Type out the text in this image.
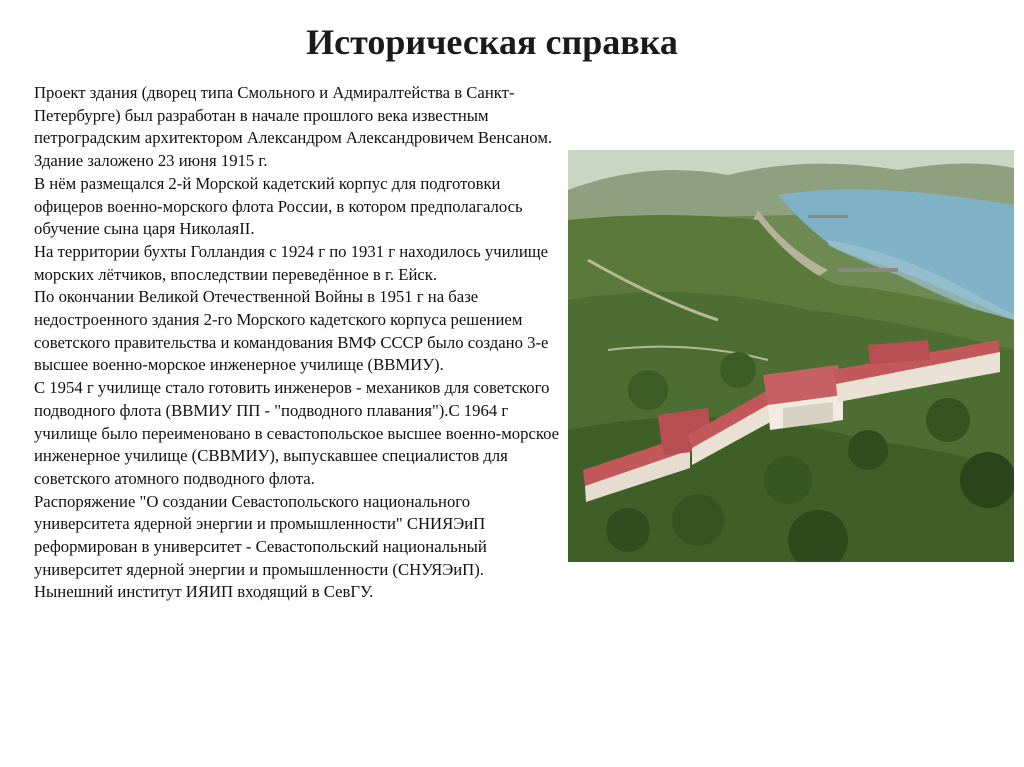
Историческая справка

Проект здания (дворец типа Смольного и Адмиралтейства в Санкт-Петербурге) был разработан в начале прошлого века известным петроградским архитектором Александром Александровичем Венсаном. Здание заложено 23 июня 1915 г.

В нём размещался 2-й Морской кадетский корпус для подготовки офицеров военно-морского флота России, в котором предполагалось обучение сына царя НиколаяII.

На территории бухты Голландия с 1924 г по 1931 г находилось училище морских лётчиков, впоследствии переведённое в г. Ейск.

По окончании Великой Отечественной Войны в 1951 г на базе недостроенного здания 2-го Морского кадетского корпуса решением советского правительства и командования ВМФ СССР было создано 3-е высшее военно-морское инженерное училище (ВВМИУ).

С 1954 г училище стало готовить инженеров - механиков для советского подводного флота (ВВМИУ ПП - "подводного плавания").С 1964 г училище было переименовано в севастопольское высшее военно-морское инженерное училище (СВВМИУ), выпускавшее специалистов для советского атомного подводного флота.

Распоряжение "О создании Севастопольского национального университета ядерной энергии и промышленности" СНИЯЭиП реформирован в университет - Севастопольский национальный университет ядерной энергии и промышленности (СНУЯЭиП).

Нынешний институт ИЯИП входящий в СевГУ.
